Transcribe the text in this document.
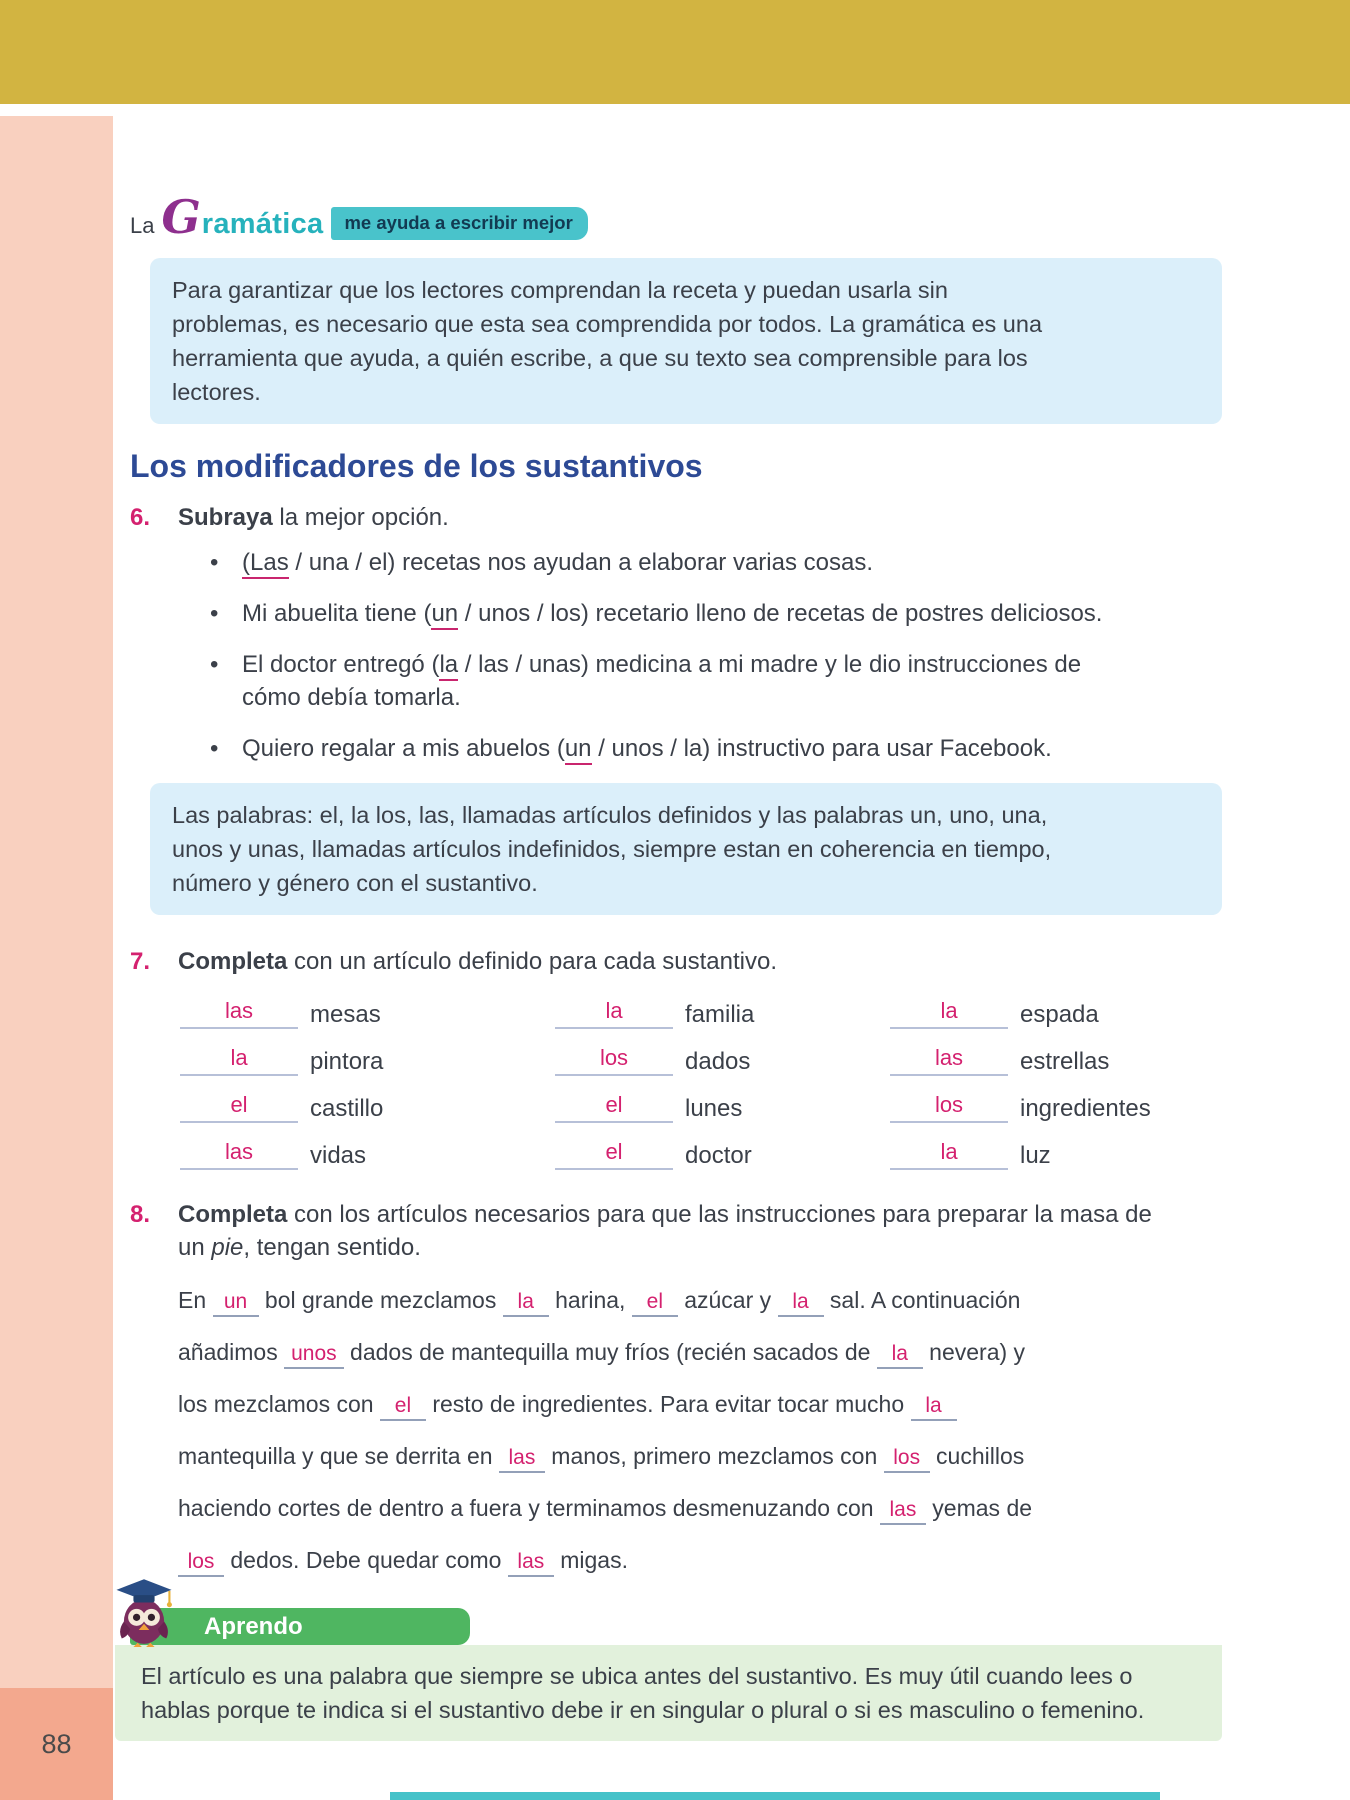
88
La Gramática me ayuda a escribir mejor
Para garantizar que los lectores comprendan la receta y puedan usarla sin problemas, es necesario que esta sea comprendida por todos. La gramática es una herramienta que ayuda, a quién escribe, a que su texto sea comprensible para los lectores.
Los modificadores de los sustantivos
6.	Subraya la mejor opción.
• (Las / una / el) recetas nos ayudan a elaborar varias cosas.
• Mi abuelita tiene (un / unos / los) recetario lleno de recetas de postres deliciosos.
• El doctor entregó (la / las / unas) medicina a mi madre y le dio instrucciones de
cómo debía tomarla.
• Quiero regalar a mis abuelos (un / unos / la) instructivo para usar Facebook.
Las palabras: el, la los, las, llamadas artículos definidos y las palabras un, uno, una, unos y unas, llamadas artículos indefinidos, siempre estan en coherencia en tiempo, número y género con el sustantivo.
7.	Completa con un artículo definido para cada sustantivo.
las	mesas	la	familia	la	espada
la	pintora	los	dados	las	estrellas
el	castillo	el	lunes	los	ingredientes
las	vidas	el	doctor	la	luz
8.	Completa con los artículos necesarios para que las instrucciones para preparar la masa de
un pie, tengan sentido.
En un bol grande mezclamos la harina, el azúcar y la sal. A continuación añadimos unos dados de mantequilla muy fríos (recién sacados de la nevera) y los mezclamos con el resto de ingredientes. Para evitar tocar mucho la mantequilla y que se derrita en las manos, primero mezclamos con los cuchillos haciendo cortes de dentro a fuera y terminamos desmenuzando con las yemas de los dedos. Debe quedar como las migas.
Aprendo
El artículo es una palabra que siempre se ubica antes del sustantivo. Es muy útil cuando lees o hablas porque te indica si el sustantivo debe ir en singular o plural o si es masculino o femenino.
